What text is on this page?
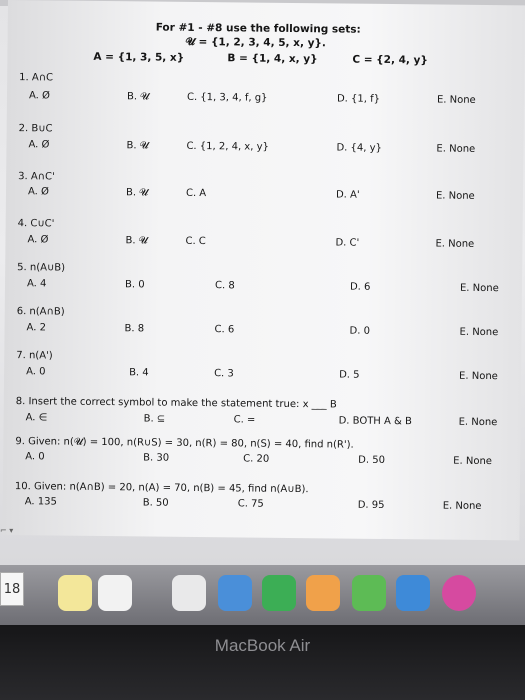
For #1 - #8 use the following sets:
𝓤 = {1, 2, 3, 4, 5, x, y}.
A = {1, 3, 5, x}	B = {1, 4, x, y}	C = {2, 4, y}
1. A∩C
A. Ø	B. 𝓤	C. {1, 3, 4, f, g}	D. {1, f}	E. None
2. B∪C
A. Ø	B. 𝓤	C. {1, 2, 4, x, y}	D. {4, y}	E. None
3. A∩C'
A. Ø	B. 𝓤	C. A	D. A'	E. None
4. C∪C'
A. Ø	B. 𝓤	C. C	D. C'	E. None
5. n(A∪B)
A. 4	B. 0	C. 8	D. 6	E. None
6. n(A∩B)
A. 2	B. 8	C. 6	D. 0	E. None
7. n(A')
A. 0	B. 4	C. 3	D. 5	E. None
8. Insert the correct symbol to make the statement true: x ___ B
A. ∈	B. ⊆	C. =	D. BOTH A & B	E. None
9. Given: n(𝓤) = 100, n(R∪S) = 30, n(R) = 80, n(S) = 40, find n(R').
A. 0	B. 30	C. 20	D. 50	E. None
10. Given: n(A∩B) = 20, n(A) = 70, n(B) = 45, find n(A∪B).
A. 135	B. 50	C. 75	D. 95	E. None
⌐ ▾
18
MacBook Air
